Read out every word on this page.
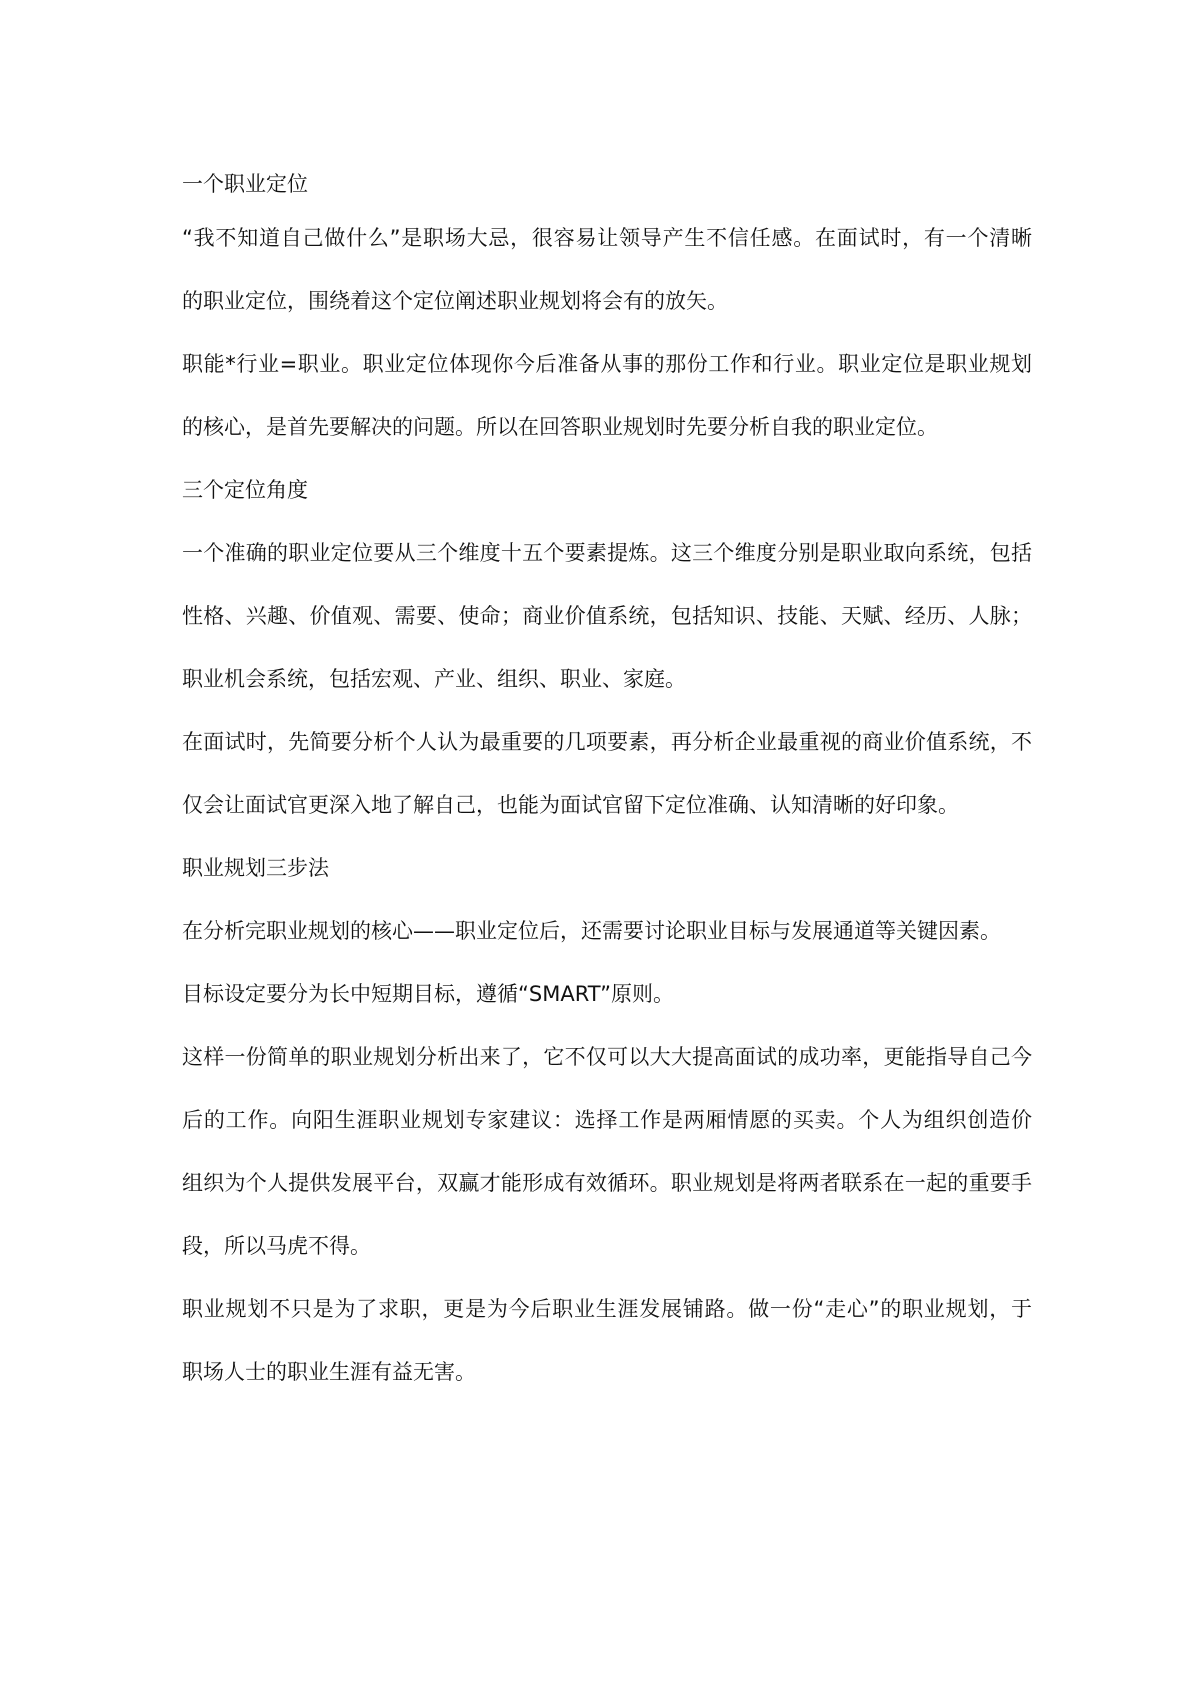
一个职业定位
“我不知道自己做什么”是职场大忌，很容易让领导产生不信任感。在面试时，有一个清晰
的职业定位，围绕着这个定位阐述职业规划将会有的放矢。
职能*行业=职业。职业定位体现你今后准备从事的那份工作和行业。职业定位是职业规划
的核心，是首先要解决的问题。所以在回答职业规划时先要分析自我的职业定位。
三个定位角度
一个准确的职业定位要从三个维度十五个要素提炼。这三个维度分别是职业取向系统，包括
性格、兴趣、价值观、需要、使命；商业价值系统，包括知识、技能、天赋、经历、人脉；
职业机会系统，包括宏观、产业、组织、职业、家庭。
在面试时，先简要分析个人认为最重要的几项要素，再分析企业最重视的商业价值系统，不
仅会让面试官更深入地了解自己，也能为面试官留下定位准确、认知清晰的好印象。
职业规划三步法
在分析完职业规划的核心——职业定位后，还需要讨论职业目标与发展通道等关键因素。
目标设定要分为长中短期目标，遵循“SMART”原则。
这样一份简单的职业规划分析出来了，它不仅可以大大提高面试的成功率，更能指导自己今
后的工作。向阳生涯职业规划专家建议：选择工作是两厢情愿的买卖。个人为组织创造价
组织为个人提供发展平台，双赢才能形成有效循环。职业规划是将两者联系在一起的重要手
段，所以马虎不得。
职业规划不只是为了求职，更是为今后职业生涯发展铺路。做一份“走心”的职业规划，于
职场人士的职业生涯有益无害。
